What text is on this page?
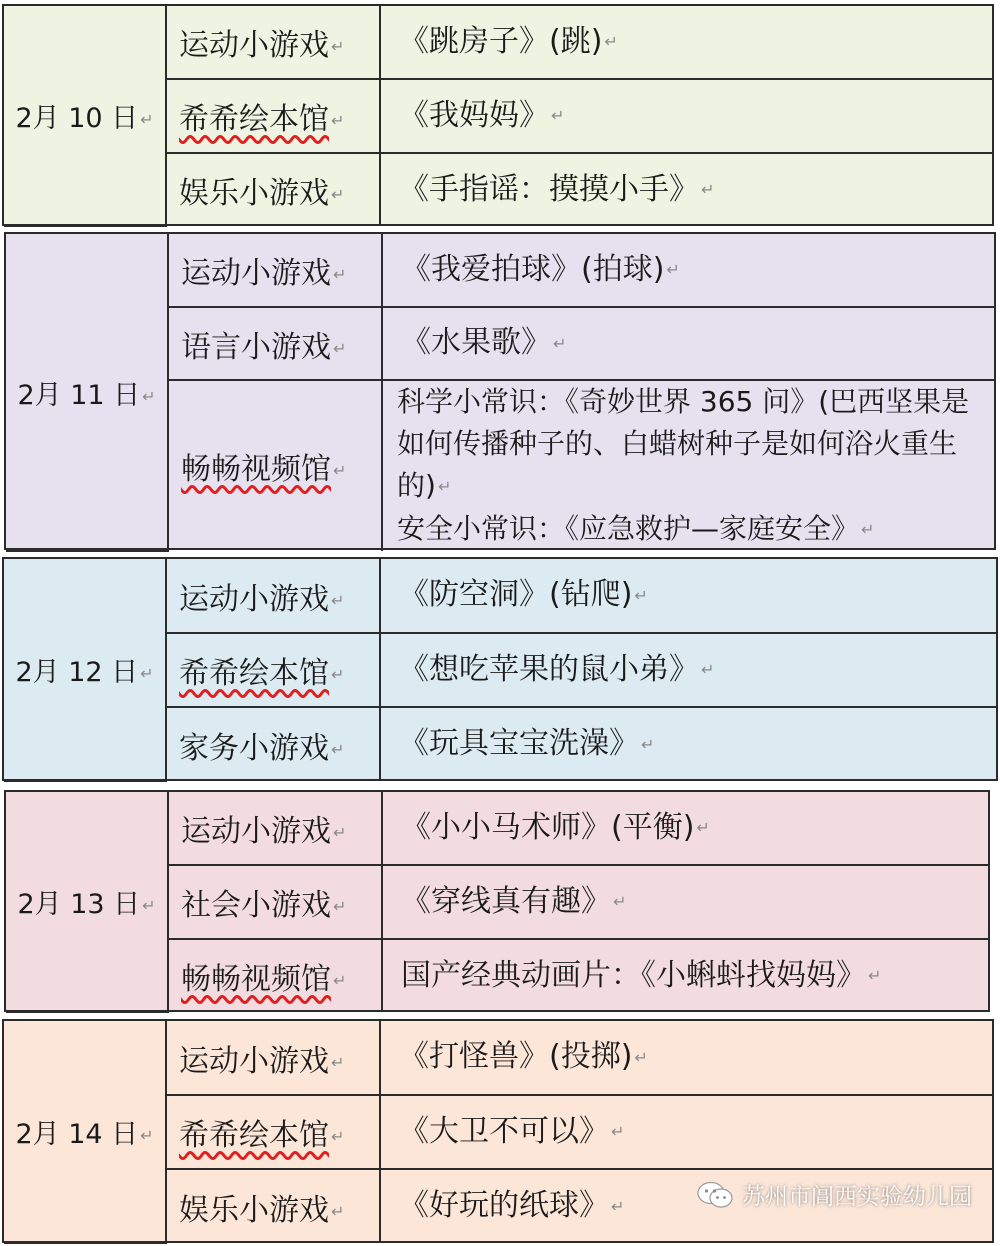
2月 10 日 ↵	运动小游戏 ↵	《跳房子》(跳) ↵
	希希绘本馆 ↵	《我妈妈》 ↵
	娱乐小游戏 ↵	《手指谣：摸摸小手》 ↵
2月 11 日 ↵	运动小游戏 ↵	《我爱拍球》(拍球) ↵
	语言小游戏 ↵	《水果歌》 ↵
	畅畅视频馆 ↵	科学小常识：《奇妙世界 365 问》(巴西坚果是如何传播种子的、白蜡树种子是如何浴火重生的) ↵
安全小常识：《应急救护—家庭安全》 ↵
2月 12 日 ↵	运动小游戏 ↵	《防空洞》(钻爬) ↵
	希希绘本馆 ↵	《想吃苹果的鼠小弟》 ↵
	家务小游戏 ↵	《玩具宝宝洗澡》 ↵
2月 13 日 ↵	运动小游戏 ↵	《小小马术师》(平衡) ↵
	社会小游戏 ↵	《穿线真有趣》 ↵
	畅畅视频馆 ↵	国产经典动画片：《小蝌蚪找妈妈》 ↵
2月 14 日 ↵	运动小游戏 ↵	《打怪兽》(投掷) ↵
	希希绘本馆 ↵	《大卫不可以》 ↵
	娱乐小游戏 ↵	《好玩的纸球》 ↵	苏州市阊西实验幼儿园
